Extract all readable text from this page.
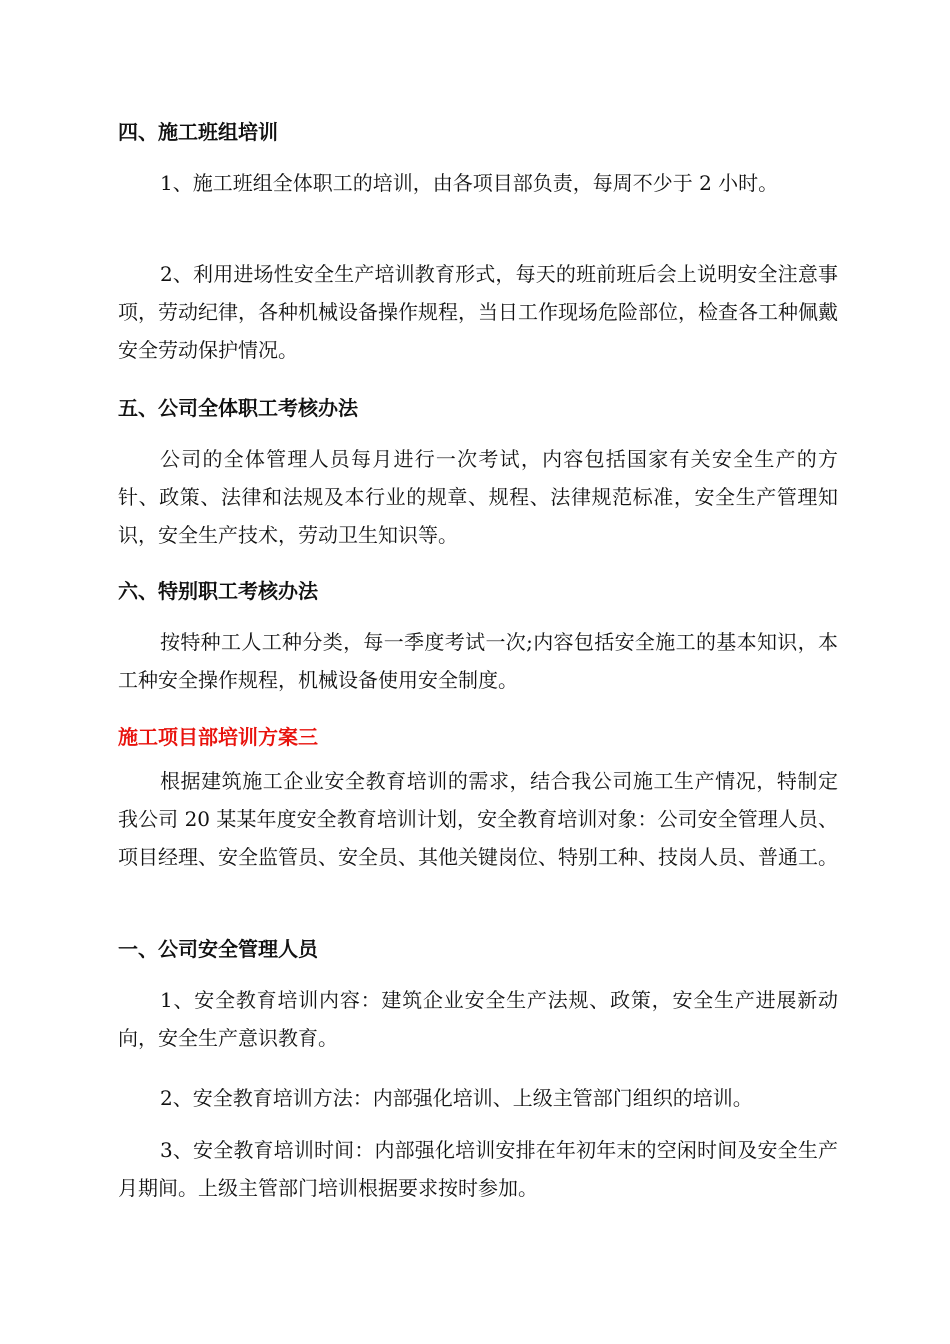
四、施工班组培训

1、施工班组全体职工的培训，由各项目部负责，每周不少于 2 小时。

2、利用进场性安全生产培训教育形式，每天的班前班后会上说明安全注意事项，劳动纪律，各种机械设备操作规程，当日工作现场危险部位，检查各工种佩戴安全劳动保护情况。

五、公司全体职工考核办法

公司的全体管理人员每月进行一次考试，内容包括国家有关安全生产的方针、政策、法律和法规及本行业的规章、规程、法律规范标准，安全生产管理知识，安全生产技术，劳动卫生知识等。

六、特别职工考核办法

按特种工人工种分类，每一季度考试一次;内容包括安全施工的基本知识，本工种安全操作规程，机械设备使用安全制度。

施工项目部培训方案三

根据建筑施工企业安全教育培训的需求，结合我公司施工生产情况，特制定我公司 20 某某年度安全教育培训计划，安全教育培训对象：公司安全管理人员、项目经理、安全监管员、安全员、其他关键岗位、特别工种、技岗人员、普通工。

一、公司安全管理人员

1、安全教育培训内容：建筑企业安全生产法规、政策，安全生产进展新动向，安全生产意识教育。

2、安全教育培训方法：内部强化培训、上级主管部门组织的培训。

3、安全教育培训时间：内部强化培训安排在年初年末的空闲时间及安全生产月期间。上级主管部门培训根据要求按时参加。
